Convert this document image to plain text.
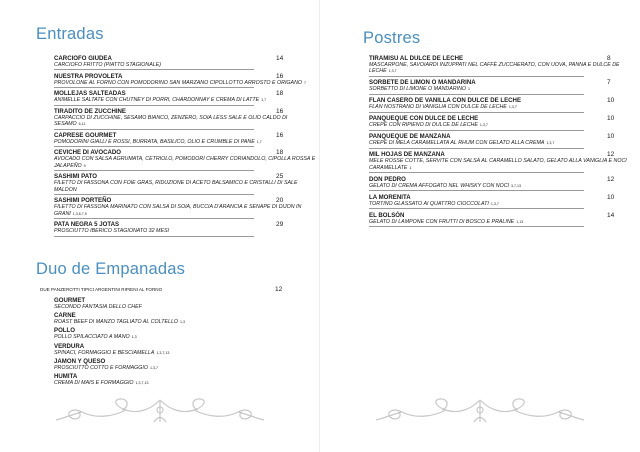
Entradas
CARCIOFO GIUDEA
CARCIOFO FRITTO (PIATTO STAGIONALE)
14
NUESTRA PROVOLETA
PROVOLONE AL FORNO CON POMODORINO SAN MARZANO CIPOLLOTTO ARROSTO E ORIGANO 7
16
MOLLEJAS SALTEADAS
ANIMELLE SALTATE CON CHUTNEY DI PORRI, CHARDONNAY E CREMA DI LATTE 1,7
18
TIRADITO DE ZUCCHINE
CARPACCIO DI ZUCCHINE, SESAMO BIANCO, ZENZERO, SOIA LESS SALE E OLIO CALDO DI SESAMO 6,11
16
CAPRESE GOURMET
POMODORINI GIALLI E ROSSI, BURRATA, BASILICO, OLIO E CRUMBLE DI PANE 1,7
16
CEVICHE DI AVOCADO
AVOCADO CON SALSA AGRUMATA, CETRIOLO, POMODORI CHERRY CORIANDOLO, CIPOLLA ROSSA E JALAPEÑO 9
18
SASHIMI PATO
FILETTO DI FASSONA CON FOIE GRAS, RIDUZIONE DI ACETO BALSAMICO E CRISTALLI DI SALE MALDON
25
SASHIMI PORTEÑO
FILETTO DI FASSONA MARINATO CON SALSA DI SOIA, BUCCIA D'ARANCIA E SENAPE DI DIJON IN GRANI 1,3,6,7,9
20
PATA NEGRA 5 JOTAS
PROSCIUTTO IBERICO STAGIONATO 32 MESI
29
Duo de Empanadas
DUE PANZEROTTI TIPICI ARGENTINI RIPIENI AL FORNO	12
GOURMET
SECONDO FANTASIA DELLO CHEF
CARNE
ROAST BEEF DI MANZO TAGLIATO AL COLTELLO 1,3
POLLO
POLLO SPILACCIATO A MANO 1,3
VERDURA
SPINACI, FORMAGGIO E BESCIAMELLA 1,3,7,13
JAMON Y QUESO
PROSCIUTTO COTTO E FORMAGGIO 1,3,7
HUMITA
CREMA DI MAIS E FORMAGGIO 1,3,7,13
Postres
TIRAMISU AL DULCE DE LECHE
MASCARPONE, SAVOIARDI INZUPPATI NEL CAFFÈ ZUCCHERATO, CON UOVA, PANNA E DULCE DE LECHE 1,3,7
8
SORBETE DE LIMON O MANDARINA
SORBETTO DI LIMONE O MANDARINO 1
7
FLAN CASERO DE VANILLA CON DULCE DE LECHE
FLAN NOSTRANO DI VANIGLIA CON DULCE DE LECHE 1,3,7
10
PANQUEQUE CON DULCE DE LECHE
CREPÈ CON RIPIENO DI DULCE DE LECHE 1,3,7
10
PANQUEQUE DE MANZANA
CREPÈ DI MELA CARAMELLATA AL RHUM CON GELATO ALLA CREMA 1,3,7
10
MIL HOJAS DE MANZANA
MELE ROSSE COTTE, SERVITE CON SALSA AL CARAMELLO SALATO, GELATO ALLA VANIGLIA E NOCI CARAMELLATE 1
12
DON PEDRO
GELATO DI CREMA AFFOGATO NEL WHISKY CON NOCI 3,7,13
12
LA MORENITA
TORTINO GLASSATO AI QUATTRO CIOCCOLATI 1,3,7
10
EL BOLSÓN
GELATO DI LAMPONE CON FRUTTI DI BOSCO E PRALINE 1,13
14
